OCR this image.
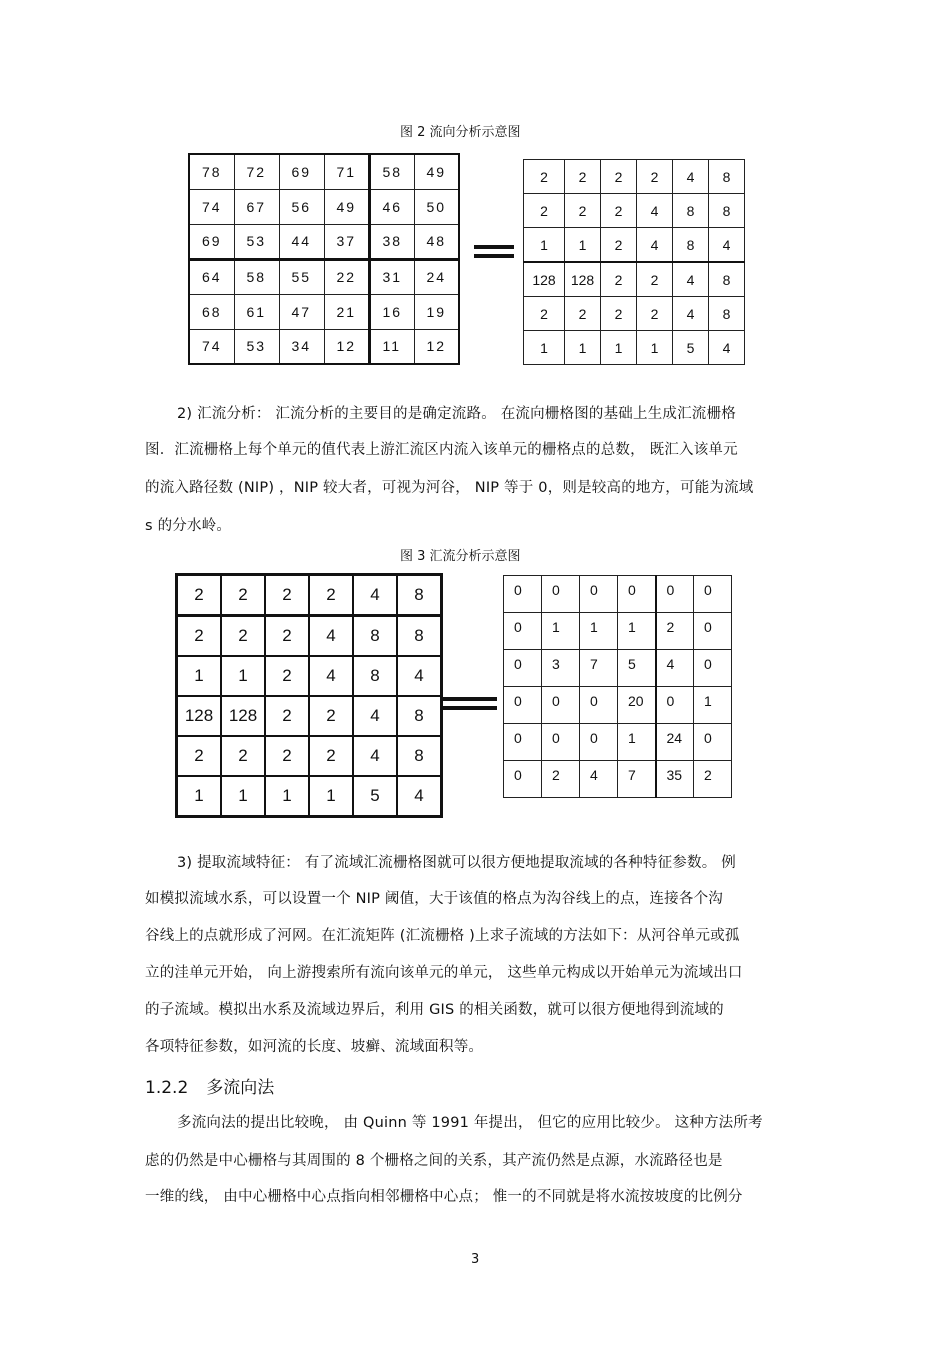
图 2 流向分析示意图
78	72	69	71	58	49
74	67	56	49	46	50
69	53	44	37	38	48
64	58	55	22	31	24
68	61	47	21	16	19
74	53	34	12	11	12
2	2	2	2	4	8
2	2	2	4	8	8
1	1	2	4	8	4
128	128	2	2	4	8
2	2	2	2	4	8
1	1	1	1	5	4
2) 汇流分析： 汇流分析的主要目的是确定流路。 在流向栅格图的基础上生成汇流栅格
图．汇流栅格上每个单元的值代表上游汇流区内流入该单元的栅格点的总数， 既汇入该单元
的流入路径数 (NIP) ，NIP 较大者，可视为河谷， NIP 等于 0，则是较高的地方，可能为流域
s 的分水岭。
图 3 汇流分析示意图
2	2	2	2	4	8
2	2	2	4	8	8
1	1	2	4	8	4
128	128	2	2	4	8
2	2	2	2	4	8
1	1	1	1	5	4
0	0	0	0	0	0
0	1	1	1	2	0
0	3	7	5	4	0
0	0	0	20	0	1
0	0	0	1	24	0
0	2	4	7	35	2
3) 提取流域特征： 有了流域汇流栅格图就可以很方便地提取流域的各种特征参数。 例
如模拟流域水系，可以设置一个 NIP 阈值，大于该值的格点为沟谷线上的点，连接各个沟
谷线上的点就形成了河网。在汇流矩阵 (汇流栅格 )上求子流域的方法如下：从河谷单元或孤
立的洼单元开始， 向上游搜索所有流向该单元的单元， 这些单元构成以开始单元为流域出口
的子流域。模拟出水系及流域边界后，利用 GIS 的相关函数，就可以很方便地得到流域的
各项特征参数，如河流的长度、坡癣、流域面积等。
1.2.2 多流向法
多流向法的提出比较晚， 由 Quinn 等 1991 年提出， 但它的应用比较少。 这种方法所考
虑的仍然是中心栅格与其周围的 8 个栅格之间的关系，其产流仍然是点源，水流路径也是
一维的线， 由中心栅格中心点指向相邻栅格中心点； 惟一的不同就是将水流按坡度的比例分
3
